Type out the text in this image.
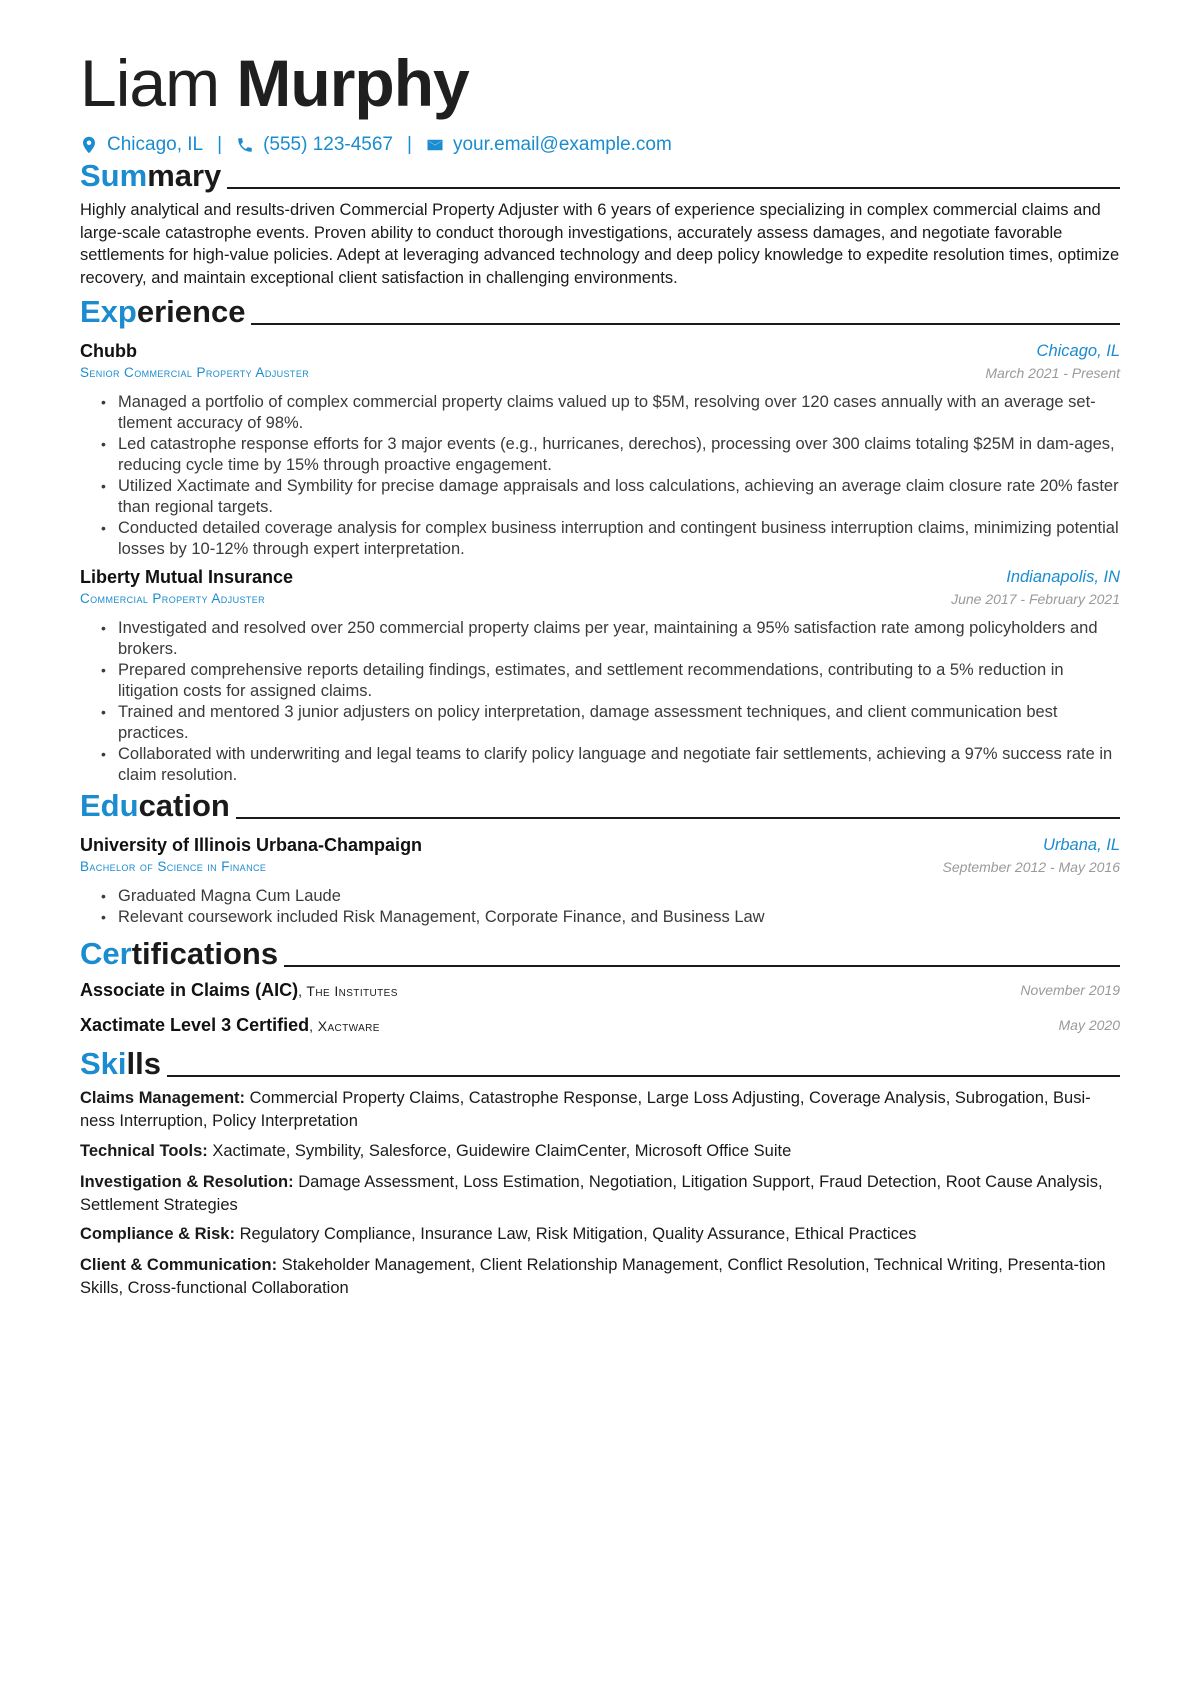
Liam Murphy
Chicago, IL | (555) 123-4567 | your.email@example.com
Summary
Highly analytical and results-driven Commercial Property Adjuster with 6 years of experience specializing in complex commercial claims and large-scale catastrophe events. Proven ability to conduct thorough investigations, accurately assess damages, and negotiate favorable settlements for high-value policies. Adept at leveraging advanced technology and deep policy knowledge to expedite resolution times, optimize recovery, and maintain exceptional client satisfaction in challenging environments.
Experience
Chubb
Senior Commercial Property Adjuster
Chicago, IL
March 2021 - Present
• Managed a portfolio of complex commercial property claims valued up to $5M, resolving over 120 cases annually with an average set-tlement accuracy of 98%.
• Led catastrophe response efforts for 3 major events (e.g., hurricanes, derechos), processing over 300 claims totaling $25M in dam-ages, reducing cycle time by 15% through proactive engagement.
• Utilized Xactimate and Symbility for precise damage appraisals and loss calculations, achieving an average claim closure rate 20% faster than regional targets.
• Conducted detailed coverage analysis for complex business interruption and contingent business interruption claims, minimizing potential losses by 10-12% through expert interpretation.
Liberty Mutual Insurance
Commercial Property Adjuster
Indianapolis, IN
June 2017 - February 2021
• Investigated and resolved over 250 commercial property claims per year, maintaining a 95% satisfaction rate among policyholders and brokers.
• Prepared comprehensive reports detailing findings, estimates, and settlement recommendations, contributing to a 5% reduction in litigation costs for assigned claims.
• Trained and mentored 3 junior adjusters on policy interpretation, damage assessment techniques, and client communication best practices.
• Collaborated with underwriting and legal teams to clarify policy language and negotiate fair settlements, achieving a 97% success rate in claim resolution.
Education
University of Illinois Urbana-Champaign
Bachelor of Science in Finance
Urbana, IL
September 2012 - May 2016
• Graduated Magna Cum Laude
• Relevant coursework included Risk Management, Corporate Finance, and Business Law
Certifications
Associate in Claims (AIC), The Institutes	November 2019
Xactimate Level 3 Certified, Xactware	May 2020
Skills
Claims Management: Commercial Property Claims, Catastrophe Response, Large Loss Adjusting, Coverage Analysis, Subrogation, Busi-ness Interruption, Policy Interpretation
Technical Tools: Xactimate, Symbility, Salesforce, Guidewire ClaimCenter, Microsoft Office Suite
Investigation & Resolution: Damage Assessment, Loss Estimation, Negotiation, Litigation Support, Fraud Detection, Root Cause Analysis, Settlement Strategies
Compliance & Risk: Regulatory Compliance, Insurance Law, Risk Mitigation, Quality Assurance, Ethical Practices
Client & Communication: Stakeholder Management, Client Relationship Management, Conflict Resolution, Technical Writing, Presenta-tion Skills, Cross-functional Collaboration
